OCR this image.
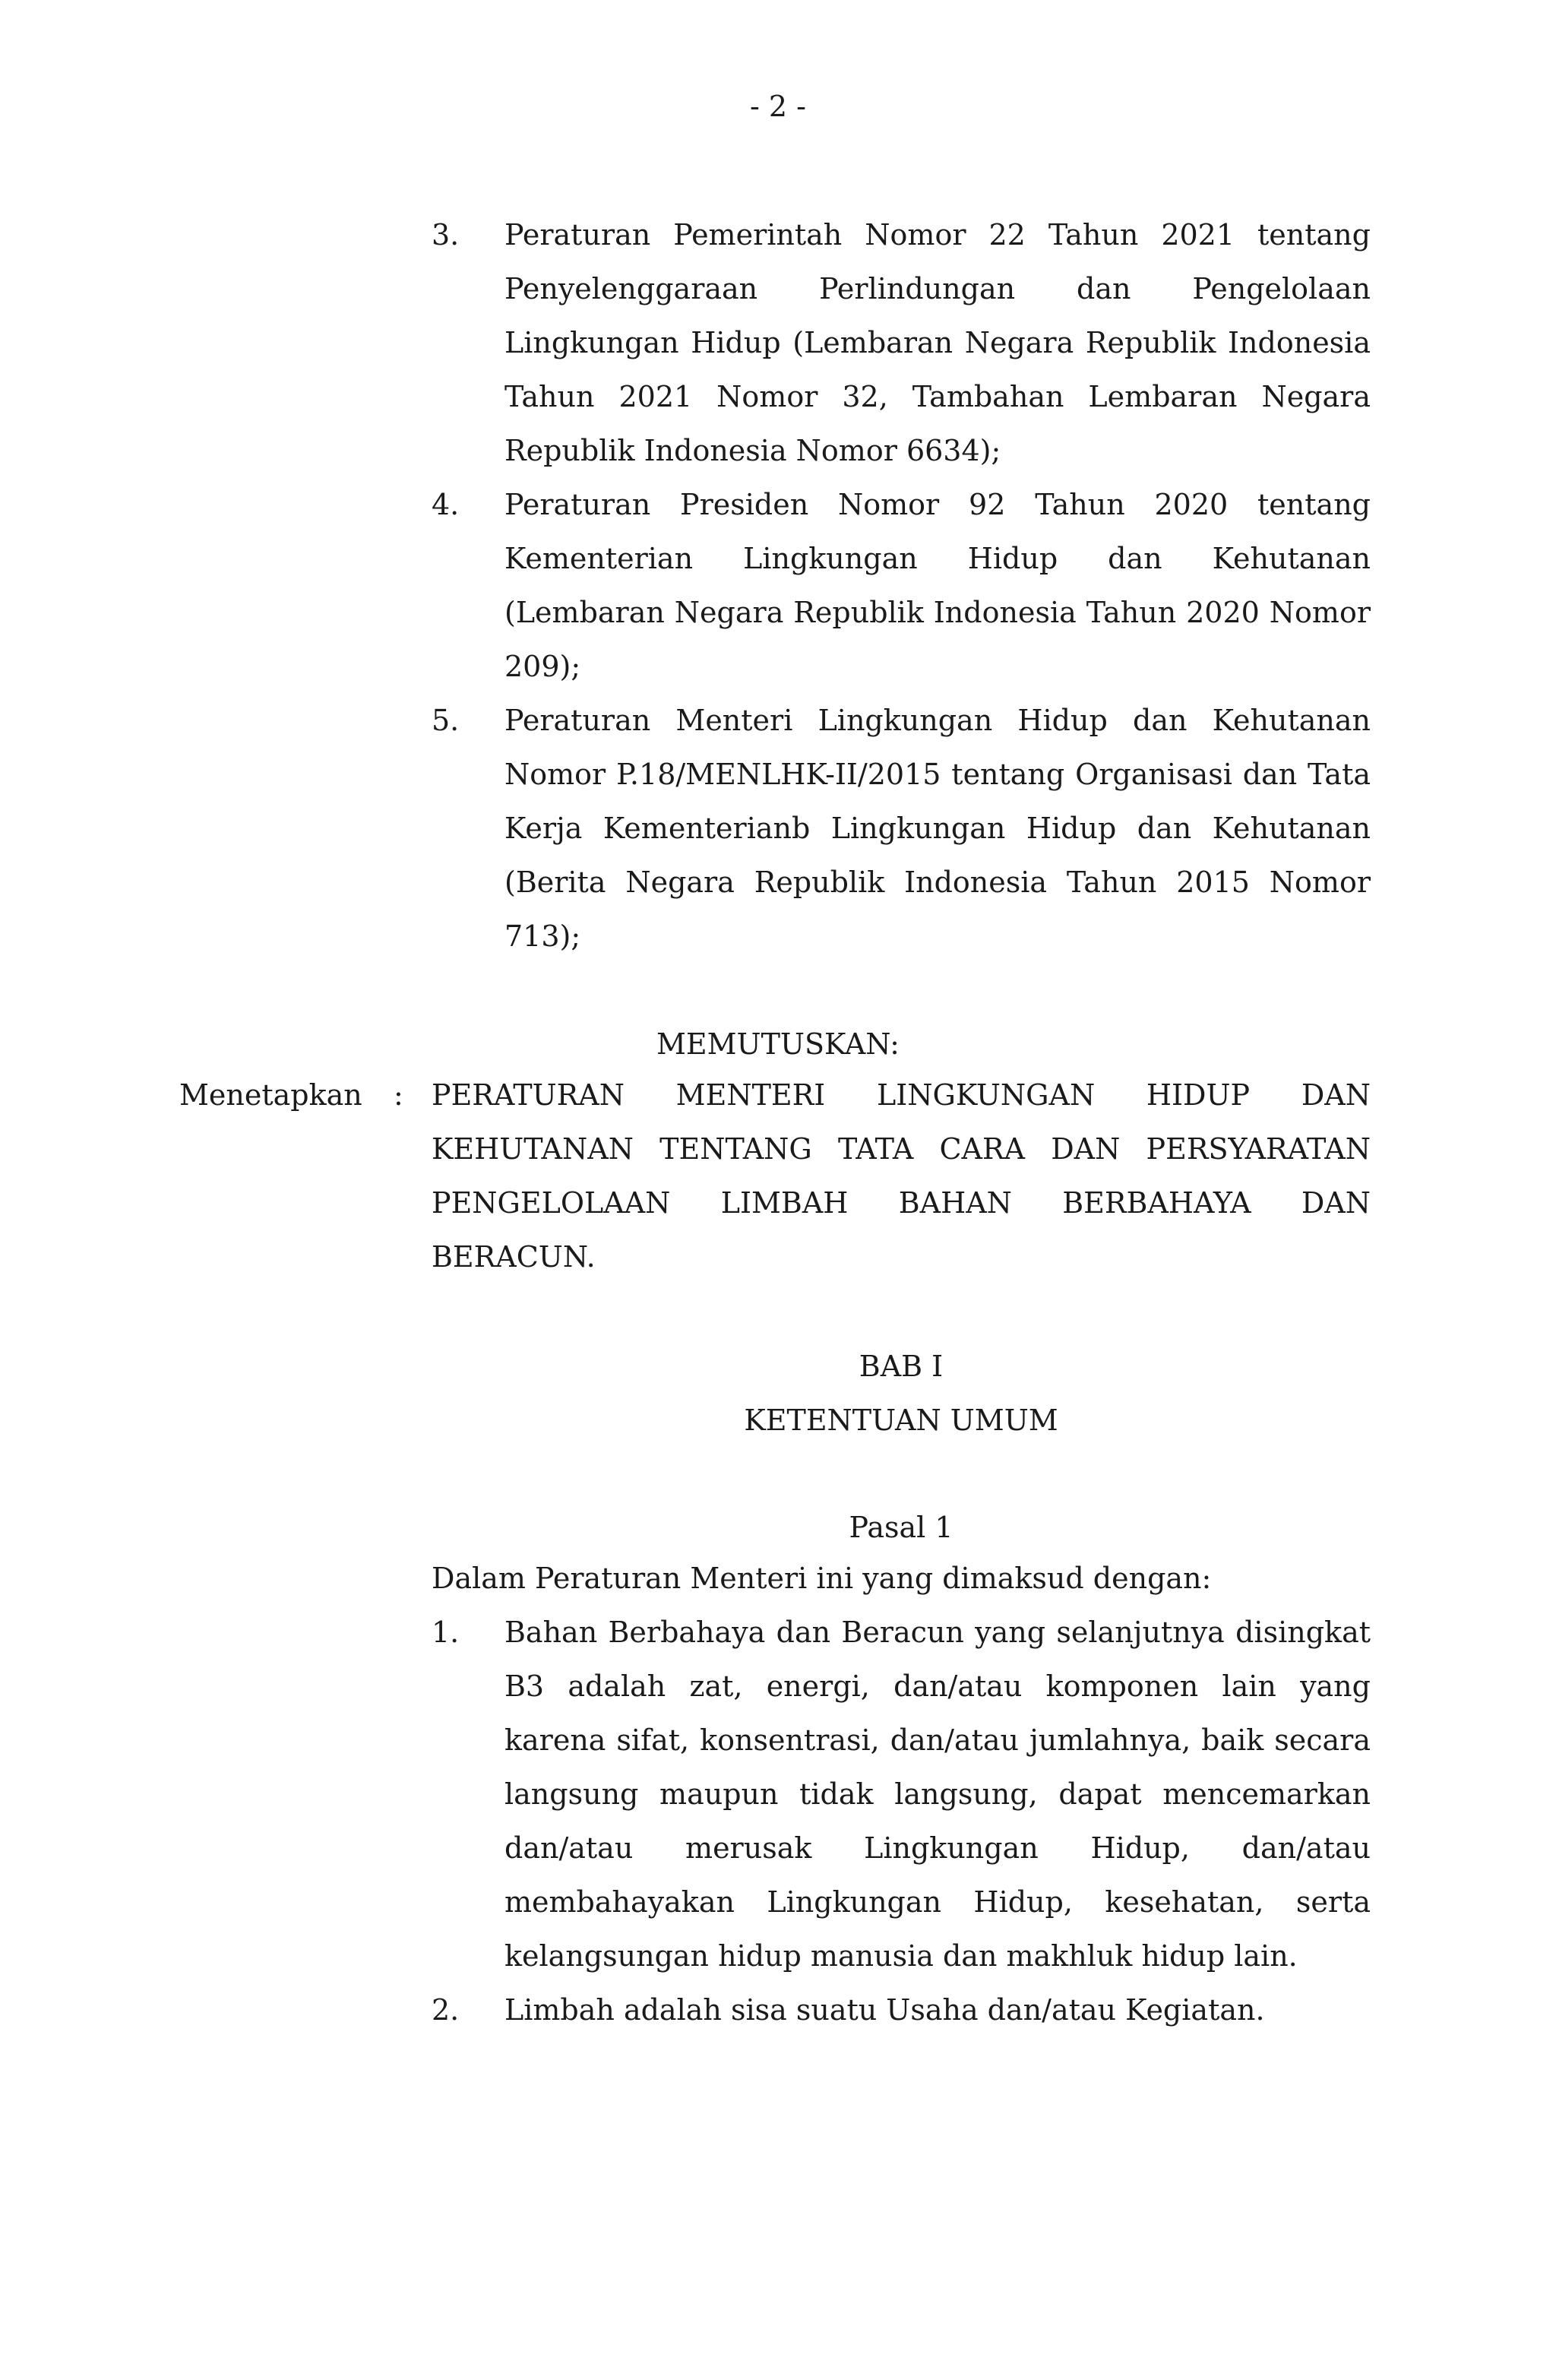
- 2 -
3. Peraturan Pemerintah Nomor 22 Tahun 2021 tentang Penyelenggaraan Perlindungan dan Pengelolaan Lingkungan Hidup (Lembaran Negara Republik Indonesia Tahun 2021 Nomor 32, Tambahan Lembaran Negara Republik Indonesia Nomor 6634);
4. Peraturan Presiden Nomor 92 Tahun 2020 tentang Kementerian Lingkungan Hidup dan Kehutanan (Lembaran Negara Republik Indonesia Tahun 2020 Nomor 209);
5. Peraturan Menteri Lingkungan Hidup dan Kehutanan Nomor P.18/MENLHK-II/2015 tentang Organisasi dan Tata Kerja Kementerianb Lingkungan Hidup dan Kehutanan (Berita Negara Republik Indonesia Tahun 2015 Nomor 713);
MEMUTUSKAN:
Menetapkan : PERATURAN MENTERI LINGKUNGAN HIDUP DAN KEHUTANAN TENTANG TATA CARA DAN PERSYARATAN PENGELOLAAN LIMBAH BAHAN BERBAHAYA DAN BERACUN.
BAB I
KETENTUAN UMUM
Pasal 1
Dalam Peraturan Menteri ini yang dimaksud dengan:
1. Bahan Berbahaya dan Beracun yang selanjutnya disingkat B3 adalah zat, energi, dan/atau komponen lain yang karena sifat, konsentrasi, dan/atau jumlahnya, baik secara langsung maupun tidak langsung, dapat mencemarkan dan/atau merusak Lingkungan Hidup, dan/atau membahayakan Lingkungan Hidup, kesehatan, serta kelangsungan hidup manusia dan makhluk hidup lain.
2. Limbah adalah sisa suatu Usaha dan/atau Kegiatan.
